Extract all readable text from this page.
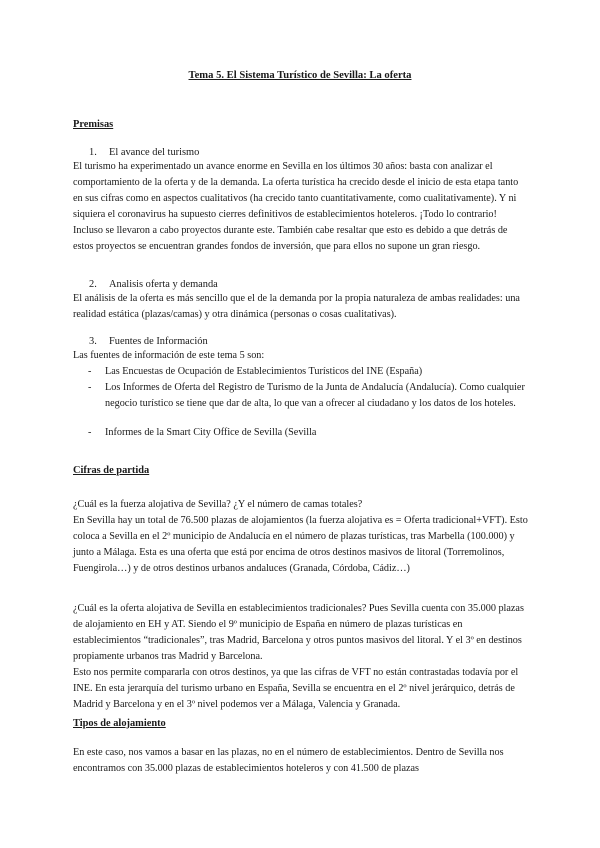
Tema 5. El Sistema Turístico de Sevilla: La oferta
Premisas
1. El avance del turismo
El turismo ha experimentado un avance enorme en Sevilla en los últimos 30 años: basta con analizar el comportamiento de la oferta y de la demanda. La oferta turística ha crecido desde el inicio de esta etapa tanto en sus cifras como en aspectos cualitativos (ha crecido tanto cuantitativamente, como cualitativamente). Y ni siquiera el coronavirus ha supuesto cierres definitivos de establecimientos hoteleros. ¡Todo lo contrario! Incluso se llevaron a cabo proyectos durante este. También cabe resaltar que esto es debido a que detrás de estos proyectos se encuentran grandes fondos de inversión, que para ellos no supone un gran riesgo.
2. Analisis oferta y demanda
El análisis de la oferta es más sencillo que el de la demanda por la propia naturaleza de ambas realidades: una realidad estática (plazas/camas) y otra dinámica (personas o cosas cualitativas).
3. Fuentes de Información
Las fuentes de información de este tema 5 son:
- Las Encuestas de Ocupación de Establecimientos Turísticos del INE (España)
- Los Informes de Oferta del Registro de Turismo de la Junta de Andalucía (Andalucía). Como cualquier negocio turístico se tiene que dar de alta, lo que van a ofrecer al ciudadano y los datos de los hoteles.
- Informes de la Smart City Office de Sevilla (Sevilla
Cifras de partida
¿Cuál es la fuerza alojativa de Sevilla? ¿Y el número de camas totales?
En Sevilla hay un total de 76.500 plazas de alojamientos (la fuerza alojativa es = Oferta tradicional+VFT). Esto coloca a Sevilla en el 2º municipio de Andalucía en el número de plazas turísticas, tras Marbella (100.000) y junto a Málaga. Esta es una oferta que está por encima de otros destinos masivos de litoral (Torremolinos, Fuengirola…) y de otros destinos urbanos andaluces (Granada, Córdoba, Cádiz…)
¿Cuál es la oferta alojativa de Sevilla en establecimientos tradicionales? Pues Sevilla cuenta con 35.000 plazas de alojamiento en EH y AT. Siendo el 9º municipio de España en número de plazas turísticas en establecimientos “tradicionales”, tras Madrid, Barcelona y otros puntos masivos del litoral. Y el 3º en destinos propiamente urbanos tras Madrid y Barcelona.
Esto nos permite compararla con otros destinos, ya que las cifras de VFT no están contrastadas todavía por el INE. En esta jerarquía del turismo urbano en España, Sevilla se encuentra en el 2º nivel jerárquico, detrás de Madrid y Barcelona y en el 3º nivel podemos ver a Málaga, Valencia y Granada.
Tipos de alojamiento
En este caso, nos vamos a basar en las plazas, no en el número de establecimientos. Dentro de Sevilla nos encontramos con 35.000 plazas de establecimientos hoteleros y con 41.500 de plazas
